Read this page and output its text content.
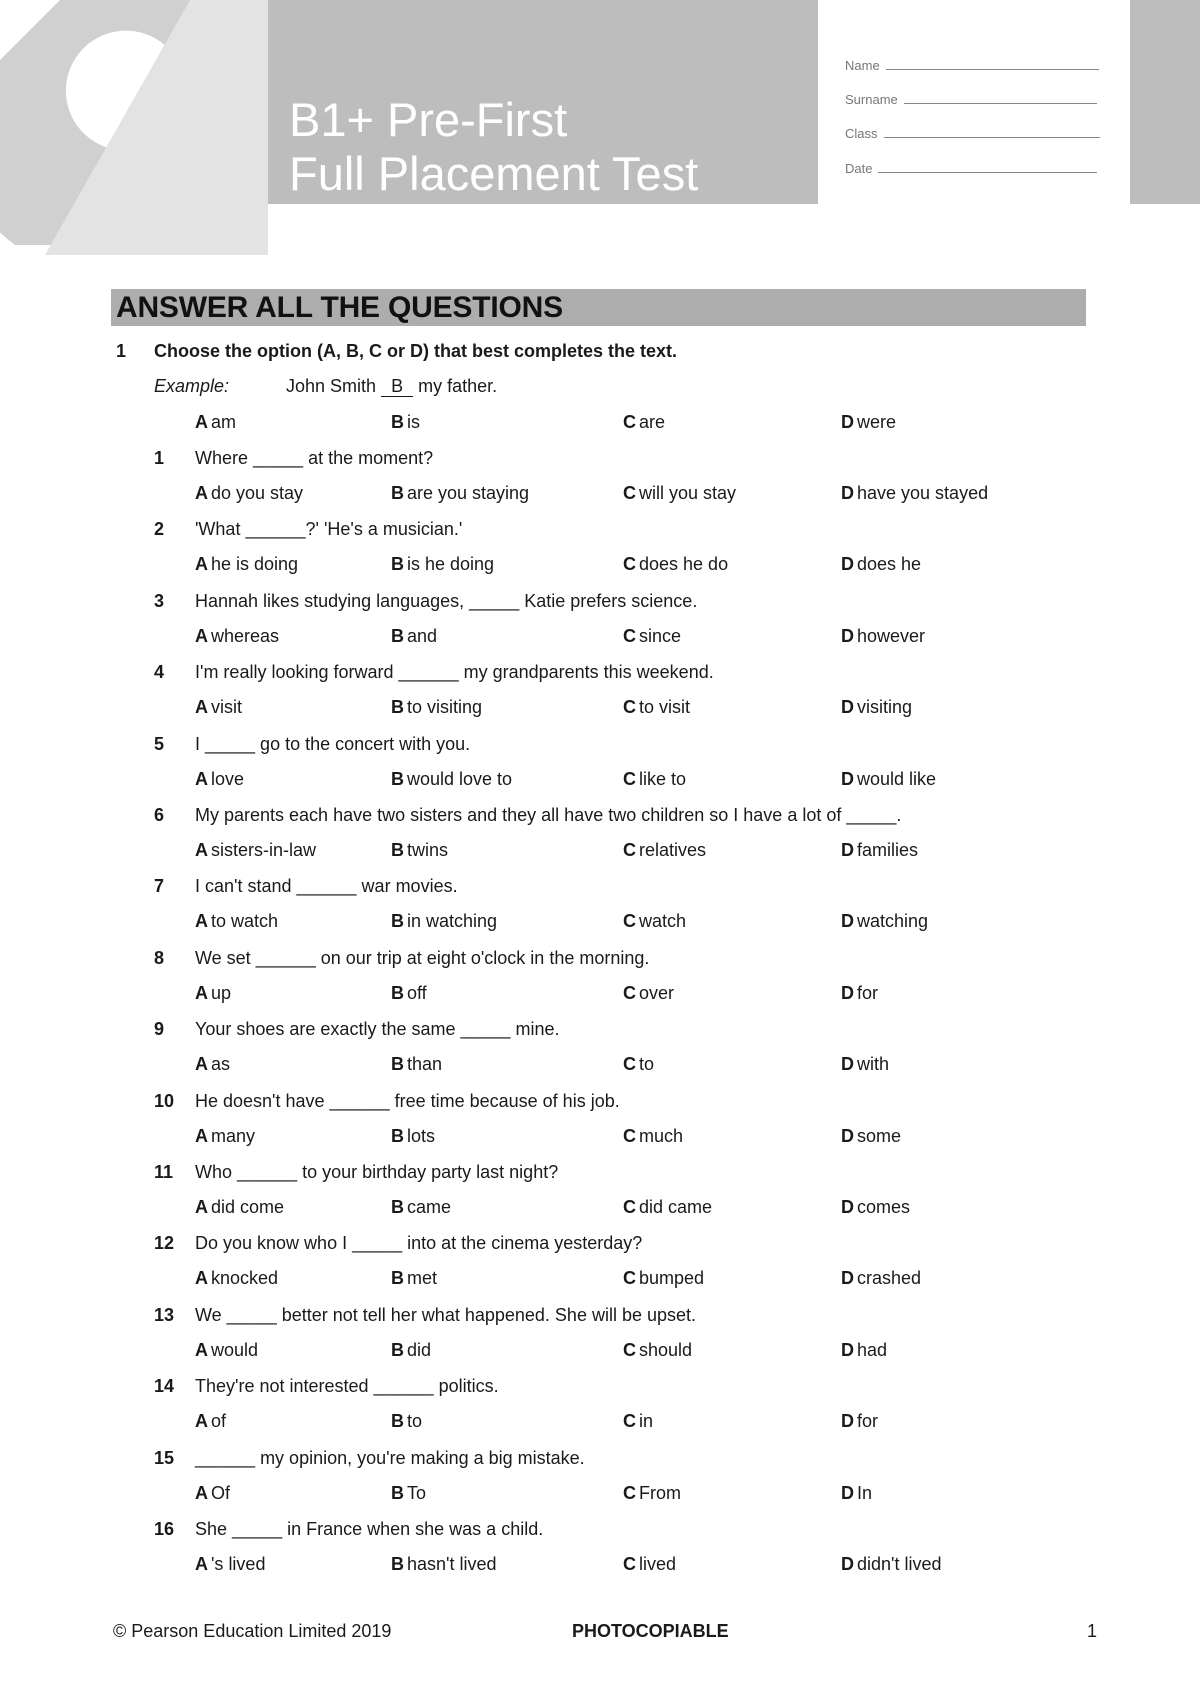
B1+ Pre-First
Full Placement Test
Name
Surname
Class
Date
ANSWER ALL THE QUESTIONS
1 Choose the option (A, B, C or D) that best completes the text.
Example:	John Smith B my father.
A am	B is	C are	D were
1 Where _____ at the moment?
A do you stay	B are you staying	C will you stay	D have you stayed
2 'What ______?' 'He's a musician.'
A he is doing	B is he doing	C does he do	D does he
3 Hannah likes studying languages, _____ Katie prefers science.
A whereas	B and	C since	D however
4 I'm really looking forward ______ my grandparents this weekend.
A visit	B to visiting	C to visit	D visiting
5 I _____ go to the concert with you.
A love	B would love to	C like to	D would like
6 My parents each have two sisters and they all have two children so I have a lot of _____.
A sisters-in-law	B twins	C relatives	D families
7 I can't stand ______ war movies.
A to watch	B in watching	C watch	D watching
8 We set ______ on our trip at eight o'clock in the morning.
A up	B off	C over	D for
9 Your shoes are exactly the same _____ mine.
A as	B than	C to	D with
10 He doesn't have ______ free time because of his job.
A many	B lots	C much	D some
11 Who ______ to your birthday party last night?
A did come	B came	C did came	D comes
12 Do you know who I _____ into at the cinema yesterday?
A knocked	B met	C bumped	D crashed
13 We _____ better not tell her what happened. She will be upset.
A would	B did	C should	D had
14 They're not interested ______ politics.
A of	B to	C in	D for
15 ______ my opinion, you're making a big mistake.
A Of	B To	C From	D In
16 She _____ in France when she was a child.
A 's lived	B hasn't lived	C lived	D didn't lived
© Pearson Education Limited 2019	PHOTOCOPIABLE	1
